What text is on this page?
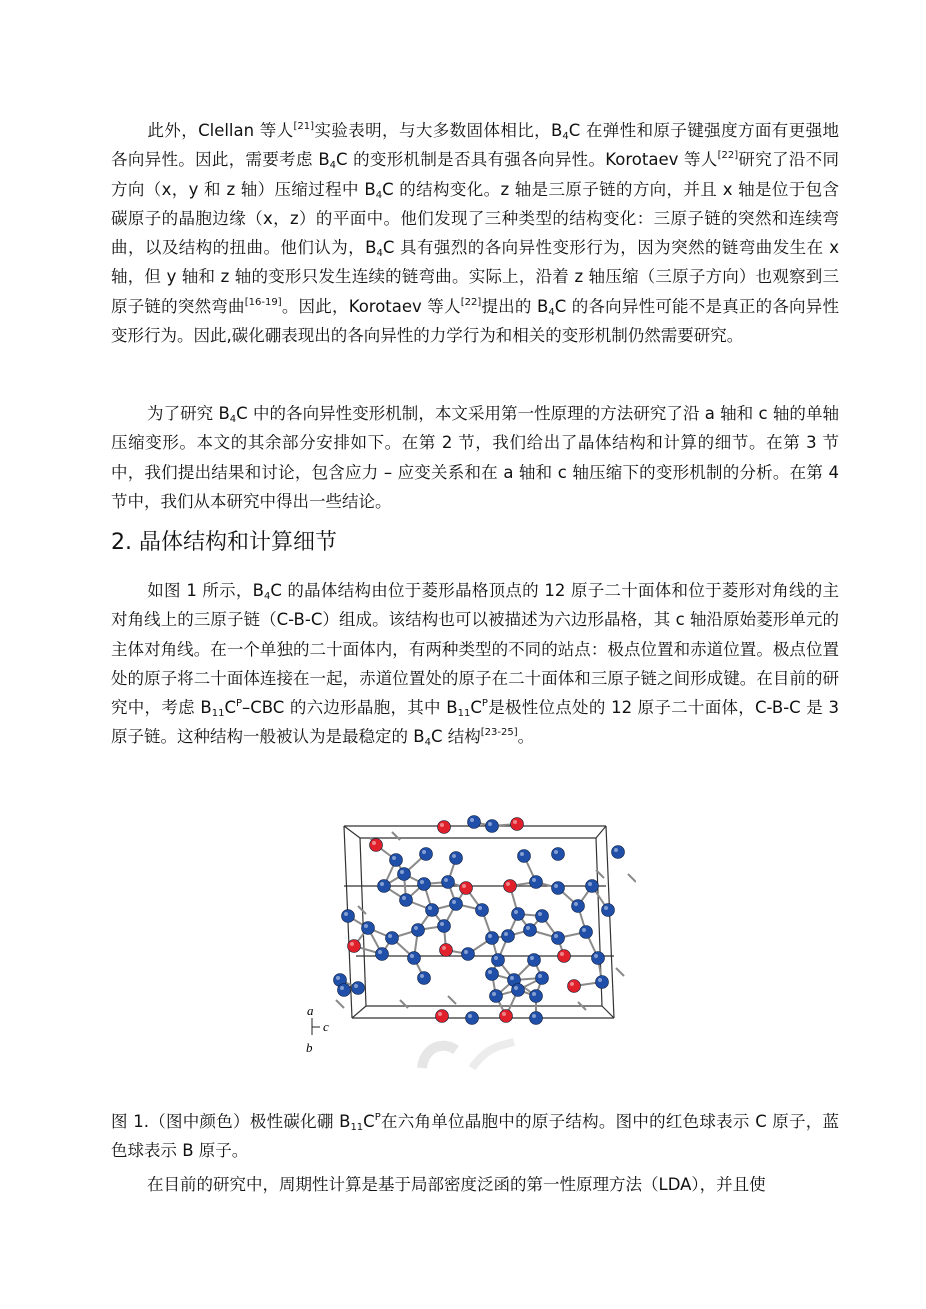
此外，Clellan 等人[21]实验表明，与大多数固体相比，$B_4C$ 在弹性和原子键强度方面有更强地各向异性。因此，需要考虑 $B_4C$ 的变形机制是否具有强各向异性。Korotaev 等人[22]研究了沿不同方向（x，y 和 z 轴）压缩过程中 $B_4C$ 的结构变化。z 轴是三原子链的方向，并且 x 轴是位于包含碳原子的晶胞边缘（x，z）的平面中。他们发现了三种类型的结构变化：三原子链的突然和连续弯曲，以及结构的扭曲。他们认为，$B_4C$ 具有强烈的各向异性变形行为，因为突然的链弯曲发生在 x 轴，但 y 轴和 z 轴的变形只发生连续的链弯曲。实际上，沿着 z 轴压缩（三原子方向）也观察到三原子链的突然弯曲[16-19]。因此，Korotaev 等人[22]提出的 $B_4C$ 的各向异性可能不是真正的各向异性变形行为。因此,碳化硼表现出的各向异性的力学行为和相关的变形机制仍然需要研究。

为了研究 $B_4C$ 中的各向异性变形机制，本文采用第一性原理的方法研究了沿 a 轴和 c 轴的单轴压缩变形。本文的其余部分安排如下。在第 2 节，我们给出了晶体结构和计算的细节。在第 3 节中，我们提出结果和讨论，包含应力 – 应变关系和在 a 轴和 c 轴压缩下的变形机制的分析。在第 4 节中，我们从本研究中得出一些结论。

2. 晶体结构和计算细节

如图 1 所示，$B_4C$ 的晶体结构由位于菱形晶格顶点的 12 原子二十面体和位于菱形对角线的主对角线上的三原子链（C-B-C）组成。该结构也可以被描述为六边形晶格，其 c 轴沿原始菱形单元的主体对角线。在一个单独的二十面体内，有两种类型的不同的站点：极点位置和赤道位置。极点位置处的原子将二十面体连接在一起，赤道位置处的原子在二十面体和三原子链之间形成键。在目前的研究中，考虑 $B_{11}C^P$–CBC 的六边形晶胞，其中 $B_{11}C^P$是极性位点处的 12 原子二十面体，C-B-C 是 3 原子链。这种结构一般被认为是最稳定的 $B_4C$ 结构[23-25]。

a
c
b

图 1.（图中颜色）极性碳化硼 $B_{11}C^P$在六角单位晶胞中的原子结构。图中的红色球表示 C 原子，蓝色球表示 B 原子。

在目前的研究中，周期性计算是基于局部密度泛函的第一性原理方法（LDA），并且使
